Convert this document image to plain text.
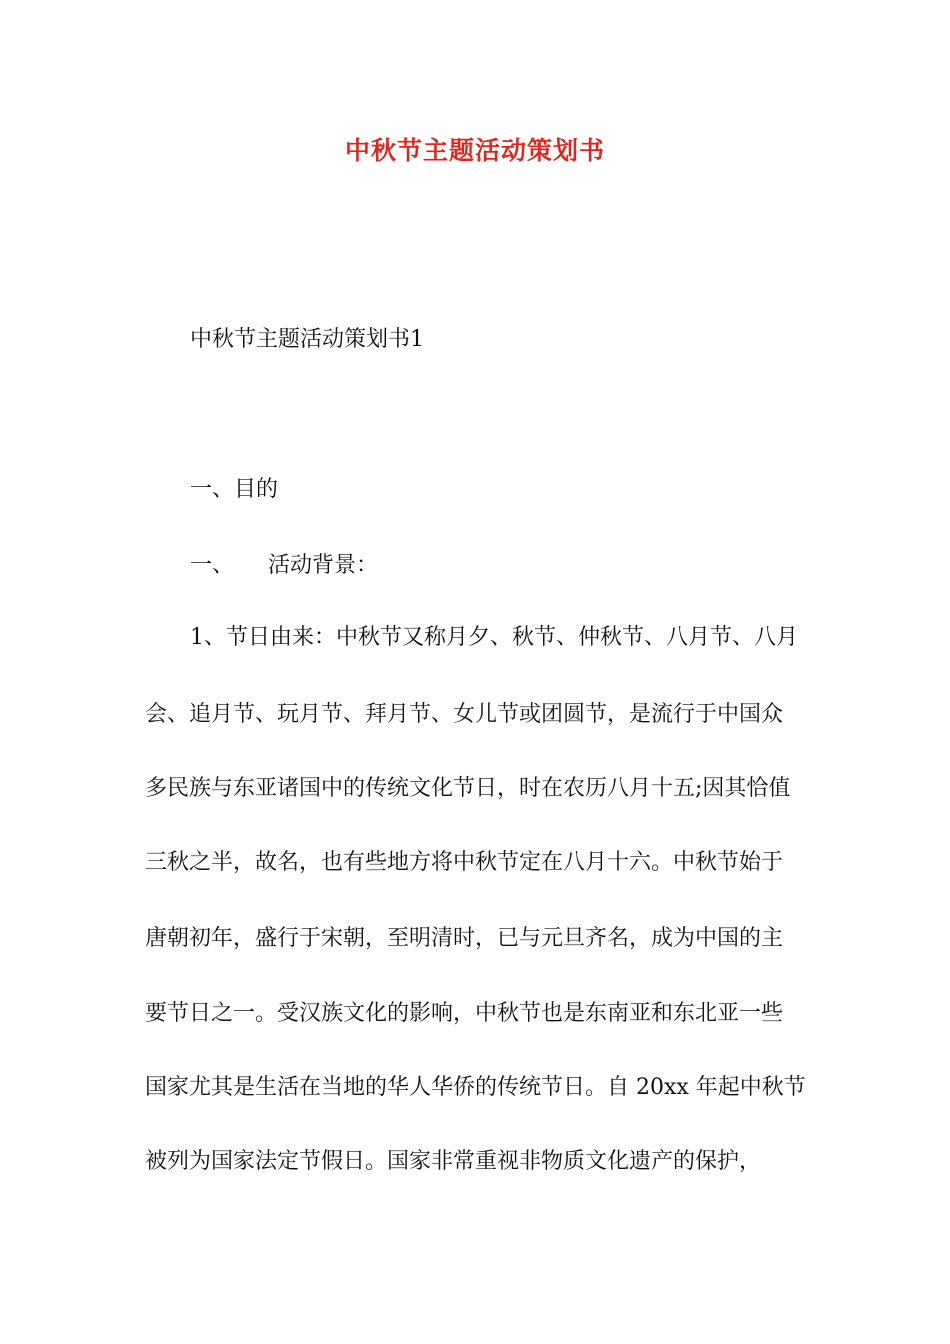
中秋节主题活动策划书
中秋节主题活动策划书1
一、目的
一、 活动背景：
1、节日由来：中秋节又称月夕、秋节、仲秋节、八月节、八月
会、追月节、玩月节、拜月节、女儿节或团圆节，是流行于中国众
多民族与东亚诸国中的传统文化节日，时在农历八月十五;因其恰值
三秋之半，故名，也有些地方将中秋节定在八月十六。中秋节始于
唐朝初年，盛行于宋朝，至明清时，已与元旦齐名，成为中国的主
要节日之一。受汉族文化的影响，中秋节也是东南亚和东北亚一些
国家尤其是生活在当地的华人华侨的传统节日。自 20xx 年起中秋节
被列为国家法定节假日。国家非常重视非物质文化遗产的保护，
